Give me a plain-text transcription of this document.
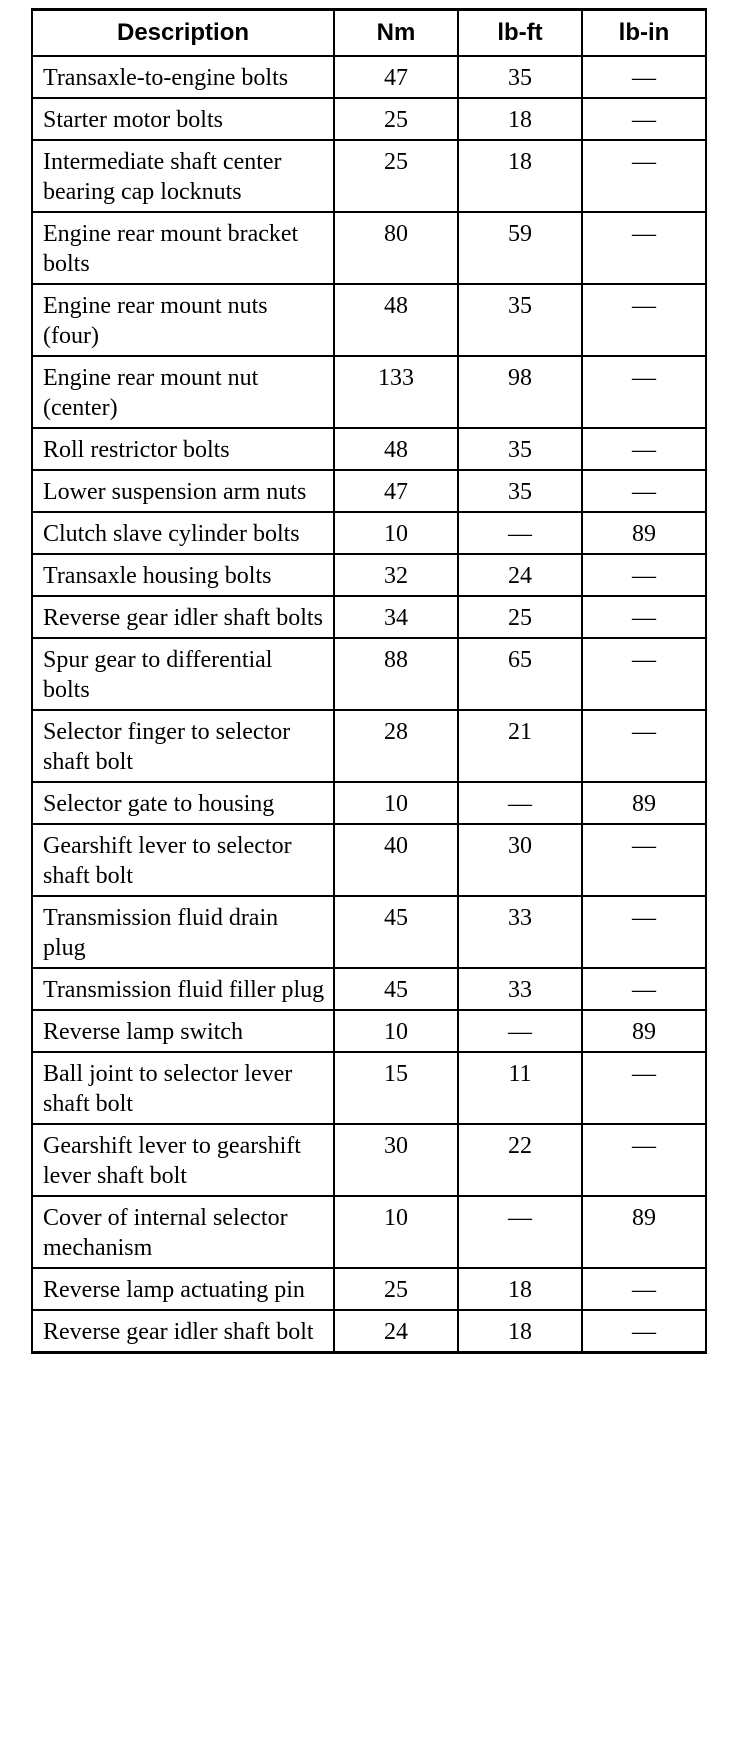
Description	Nm	lb-ft	lb-in
Transaxle-to-engine bolts	47	35	—
Starter motor bolts	25	18	—
Intermediate shaft center bearing cap locknuts	25	18	—
Engine rear mount bracket bolts	80	59	—
Engine rear mount nuts (four)	48	35	—
Engine rear mount nut (center)	133	98	—
Roll restrictor bolts	48	35	—
Lower suspension arm nuts	47	35	—
Clutch slave cylinder bolts	10	—	89
Transaxle housing bolts	32	24	—
Reverse gear idler shaft bolts	34	25	—
Spur gear to differential bolts	88	65	—
Selector finger to selector shaft bolt	28	21	—
Selector gate to housing	10	—	89
Gearshift lever to selector shaft bolt	40	30	—
Transmission fluid drain plug	45	33	—
Transmission fluid filler plug	45	33	—
Reverse lamp switch	10	—	89
Ball joint to selector lever shaft bolt	15	11	—
Gearshift lever to gearshift lever shaft bolt	30	22	—
Cover of internal selector mechanism	10	—	89
Reverse lamp actuating pin	25	18	—
Reverse gear idler shaft bolt	24	18	—
